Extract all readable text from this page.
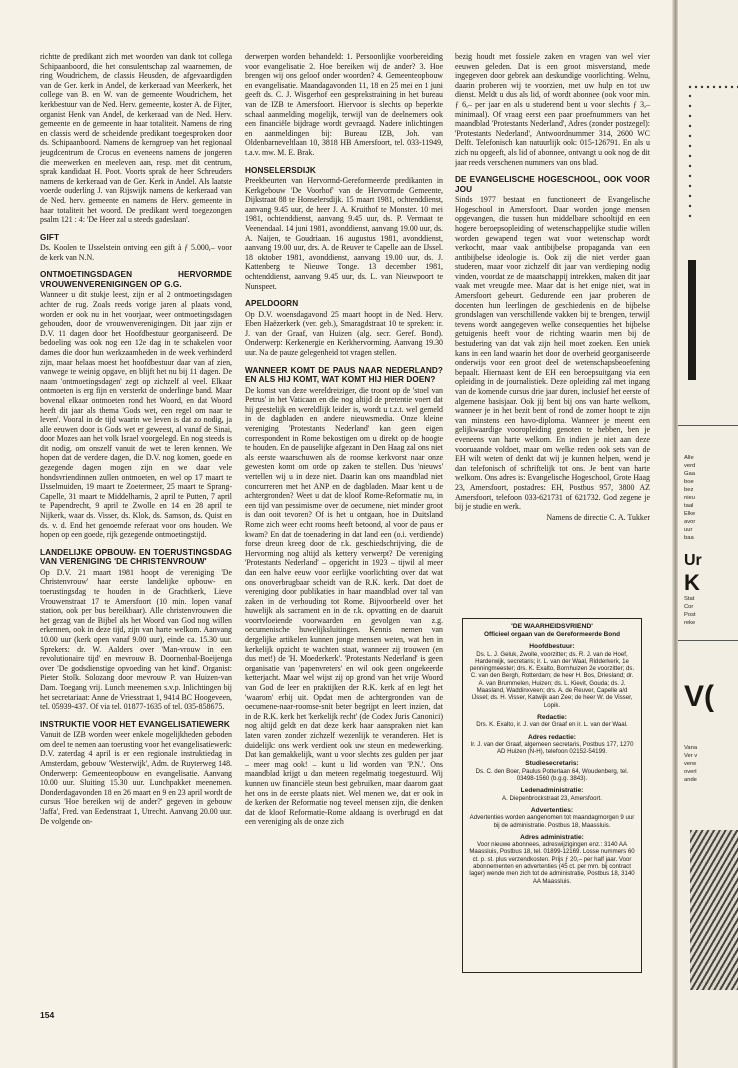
richtte de predikant zich met woorden van dank tot collega Schipaanboord, die het consulentschap zal waarnemen, de ring Woudrichem, de classis Heusden, de afgevaardigden van de Ger. kerk in Andel, de kerkeraad van Meerkerk, het college van B. en W. van de gemeente Woudrichem, het kerkbestuur van de Ned. Herv. gemeente, koster A. de Fijter, organist Henk van Andel, de kerkeraad van de Ned. Herv. gemeente en de gemeente in haar totaliteit. Namens de ring en classis werd de scheidende predikant toegesproken door ds. Schipaanboord. Namens de kerngroep van het regionaal jeugdcentrum de Crocus en eveneens namens de jongeren die meewerken en meeleven aan, resp. met dit centrum, sprak kandidaat H. Poot. Voorts sprak de heer Schreuders namens de kerkeraad van de Ger. Kerk in Andel. Als laatste voerde ouderling J. van Rijswijk namens de kerkeraad van de Ned. herv. gemeente en namens de Herv. gemeente in haar totaliteit het woord. De predikant werd toegezongen psalm 121 : 4: 'De Heer zal u steeds gadeslaan'.

GIFT

Ds. Koolen te IJsselstein ontving een gift à ƒ 5.000,– voor de kerk van N.N.

ONTMOETINGSDAGEN HERVORMDE VROUWENVERENIGINGEN OP G.G.

Wanneer u dit stukje leest, zijn er al 2 ontmoetingsdagen achter de rug. Zoals reeds vorige jaren al plaats vond, worden er ook nu in het voorjaar, weer ontmoetingsdagen gehouden, door de vrouwenverenigingen. Dit jaar zijn er D.V. 11 dagen door het Hoofdbestuur georganiseerd. De bedoeling was ook nog een 12e dag in te schakelen voor dames die door hun werkzaamheden in de week verhinderd zijn, maar helaas moest het hoofdbestuur daar van af zien, vanwege te weinig opgave, en blijft het nu bij 11 dagen. De naam 'ontmoetingsdagen' zegt op zichzelf al veel. Elkaar ontmoeten is erg fijn en versterkt de onderlinge band. Maar bovenal elkaar ontmoeten rond het Woord, en dat Woord heeft dit jaar als thema 'Gods wet, een regel om naar te leven'. Vooral in de tijd waarin we leven is dat zo nodig, ja alle eeuwen door is Gods wet er geweest, al vanaf de Sinai, door Mozes aan het volk Israel voorgelegd. En nog steeds is dit nodig, om onszelf vanuit de wet te leren kennen. We hopen dat de verdere dagen, die D.V. nog komen, goede en gezegende dagen mogen zijn en we daar vele hondsvriendinnen zullen ontmoeten, en wel op 17 maart te IJsselmuiden, 19 maart te Zoetermeer, 25 maart te Sprang-Capelle, 31 maart te Middelharnis, 2 april te Putten, 7 april te Papendrecht, 9 april te Zwolle en 14 en 28 april te Nijkerk, waar ds. Visser, ds. Klok, ds. Samson, ds. Quist en ds. v. d. End het genoemde referaat voor ons houden. We hopen op een goede, rijk gezegende ontmoetingstijd.

LANDELIJKE OPBOUW- EN TOERUSTINGSDAG VAN VERENIGING 'DE CHRISTENVROUW'

Op D.V. 21 maart 1981 hoopt de vereniging 'De Christenvrouw' haar eerste landelijke opbouw- en toerustingsdag te houden in de Grachtkerk, Lieve Vrouwenstraat 17 te Amersfoort (10 min. lopen vanaf station, ook per bus bereikbaar). Alle christenvrouwen die het gezag van de Bijbel als het Woord van God nog willen erkennen, ook in deze tijd, zijn van harte welkom. Aanvang 10.00 uur (kerk open vanaf 9.00 uur), einde ca. 15.30 uur. Sprekers: dr. W. Aalders over 'Man-vrouw in een revolutionaire tijd' en mevrouw B. Doornenbal-Boeijenga over 'De godsdienstige opvoeding van het kind'. Organist: Pieter Stolk. Solozang door mevrouw P. van Huizen-van Dam. Toegang vrij. Lunch meenemen s.v.p. Inlichtingen bij het secretariaat: Anne de Vriesstraat 1, 9414 BC Hoogeveen, tel. 05939-437. Of via tel. 01877-1635 of tel. 035-858675.

INSTRUKTIE VOOR HET EVANGELISATIEWERK

Vanuit de IZB worden weer enkele mogelijkheden geboden om deel te nemen aan toerusting voor het evangelisatiewerk: D.V. zaterdag 4 april is er een regionale instruktiedag in Amsterdam, gebouw 'Westerwijk', Adm. de Ruyterweg 148. Onderwerp: Gemeenteopbouw en evangelisatie. Aanvang 10.00 uur. Sluiting 15.30 uur. Lunchpakket meenemen. Donderdagavonden 18 en 26 maart en 9 en 23 april wordt de cursus 'Hoe bereiken wij de ander?' gegeven in gebouw 'Jaffa', Fred. van Eedenstraat 1, Utrecht. Aanvang 20.00 uur. De volgende on-

derwerpen worden behandeld: 1. Persoonlijke voorbereiding voor evangelisatie 2. Hoe bereiken wij de ander? 3. Hoe brengen wij ons geloof onder woorden? 4. Gemeenteopbouw en evangelisatie. Maandagavonden 11, 18 en 25 mei en 1 juni geeft ds. C. J. Wisgerhof een gesprekstraining in het bureau van de IZB te Amersfoort. Hiervoor is slechts op beperkte schaal aanmelding mogelijk, terwijl van de deelnemers ook een financiële bijdrage wordt gevraagd. Nadere inlichtingen en aanmeldingen bij: Bureau IZB, Joh. van Oldenbarneveltlaan 10, 3818 HB Amersfoort, tel. 033-11949, t.a.v. mw. M. E. Brak.

HONSELERSDIJK

Preekbeurten van Hervormd-Gereformeerde predikanten in Kerkgebouw 'De Voorhof' van de Hervormde Gemeente, Dijkstraat 88 te Honselersdijk. 15 maart 1981, ochtenddienst, aanvang 9.45 uur, de heer J. A. Kruithof te Monster. 10 mei 1981, ochtenddienst, aanvang 9.45 uur, ds. P. Vermaat te Veenendaal. 14 juni 1981, avonddienst, aanvang 19.00 uur, ds. A. Naijen, te Goudriaan. 16 augustus 1981, avonddienst, aanvang 19.00 uur, drs. A. de Reuver te Capelle aan de IJssel. 18 oktober 1981, avonddienst, aanvang 19.00 uur, ds. J. Kattenberg te Nieuwe Tonge. 13 december 1981, ochtenddienst, aanvang 9.45 uur, ds. L. van Nieuwpoort te Nunspeet.

APELDOORN

Op D.V. woensdagavond 25 maart hoopt in de Ned. Herv. Eben Haëzerkerk (ver. geb.), Smaragdstraat 10 te spreken: ir. J. van der Graaf, van Huizen (alg. secr. Geref. Bond). Onderwerp: Kerkenergie en Kerkhervorming. Aanvang 19.30 uur. Na de pauze gelegenheid tot vragen stellen.

WANNEER KOMT DE PAUS NAAR NEDERLAND? EN ALS HIJ KOMT, WAT KOMT HIJ HIER DOEN?

De komst van deze wereldreiziger, die troont op de 'stoel van Petrus' in het Vaticaan en die nog altijd de pretentie voert dat hij geestelijk en wereldlijk leider is, wordt u t.z.t. wel gemeld in de dagbladen en andere nieuwsmedia. Onze kleine vereniging 'Protestants Nederland' kan geen eigen correspondent in Rome bekostigen om u direkt op de hoogte te houden. En de pauselijke afgezant in Den Haag zal ons niet als eerste waarschuwen als de roomse kerkvorst naar onze gewesten komt om orde op zaken te stellen. Dus 'nieuws' vertellen wij u in deze niet. Daarin kan ons maandblad niet concurreren met het ANP en de dagbladen. Maar kent u de achtergronden? Weet u dat de kloof Rome-Reformatie nu, in een tijd van pessimisme over de oecumene, niet minder groot is dan ooit tevoren? Of is het u ontgaan, hoe in Duitsland Rome zich weer echt rooms heeft betoond, al voor de paus er kwam? En dat de toenadering in dat land een (o.i. verdiende) forse dreun kreeg door de r.k. geschiedschrijving, die de Hervorming nog altijd als kettery verwerpt? De vereniging 'Protestants Nederland' – opgericht in 1923 – tijwil al meer dan een halve eeuw voor eerlijke voorlichting over dat wat ons onoverbrugbaar scheidt van de R.K. kerk. Dat doet de vereniging door publikaties in haar maandblad over tal van zaken in de verhouding tot Rome. Bijvoorbeeld over het huwelijk als sacrament en in de r.k. opvatting en de daaruit voortvloeiende voorwaarden en gevolgen van z.g. oecumenische huwelijksluitingen. Kennis nemen van dergelijke artikelen kunnen jonge mensen weten, wat hen in kerkelijk opzicht te wachten staat, wanneer zij trouwen (en dus met!) de 'H. Moederkerk'. 'Protestants Nederland' is geen organisatie van 'papenvreters' en wil ook geen ongekeerde ketterjacht. Maar wel wijst zij op grond van het vrije Woord van God de leer en praktijken der R.K. kerk af en legt het 'waarom' erbij uit. Opdat men de achtergronden van de oecumene-naar-roomse-snit beter begrijpt en leert inzien, dat in de R.K. kerk het 'kerkelijk recht' (de Codex Juris Canonici) nog altijd geldt en dat deze kerk haar aanspraken niet kan laten varen zonder zichzelf wezenlijk te veranderen. Het is duidelijk: ons werk verdient ook uw steun en medewerking. Dat kan gemakkelijk, want u voor slechts zes gulden per jaar – meer mag ook! – kunt u lid worden van 'P.N.'. Ons maandblad krijgt u dan meteen regelmatig toegestuurd. Wij kunnen uw financiële steun best gebruiken, maar daarom gaat het ons in de eerste plaats niet. Wel menen we, dat er ook in de kerken der Reformatie nog teveel mensen zijn, die denken dat de kloof Reformatie-Rome aldaang is overbrugd en dat een vereniging als de onze zich

bezig houdt met fossiele zaken en vragen van wel vier eeuwen geleden. Dat is een groot misverstand, mede ingegeven door gebrek aan deskundige voorlichting. Welnu, daarin proberen wij te voorzien, met uw hulp en tot uw dienst. Meldt u dus als lid, of wordt abonnee (ook voor min. ƒ 6,– per jaar en als u studerend bent u voor slechts ƒ 3,– minimaal). Of vraag eerst een paar proefnummers van het maandblad 'Protestants Nederland', Adres (zonder postzegel): 'Protestants Nederland', Antwoordnummer 314, 2600 WC Delft. Telefonisch kan natuurlijk ook: 015-126791. En als u zich nu opgeeft, als lid of abonnee, ontvangt u ook nog de dit jaar reeds verschenen nummers van ons blad.

DE EVANGELISCHE HOGESCHOOL, OOK VOOR JOU

Sinds 1977 bestaat en functioneert de Evangelische Hogeschool in Amersfoort. Daar worden jonge mensen opgevangen, die tussen hun middelbare schooltijd en een hogere beroepsopleiding of wetenschappelijke studie willen worden gewapend tegen wat voor wetenschap wordt verkocht, maar vaak antibijbelse propaganda van een antibijbelse ideologie is. Ook zij die niet verder gaan studeren, maar voor zichzelf dit jaar van verdieping nodig vinden, voordat ze de maatschappij intrekken, maken dit jaar vaak met vreugde mee. Maar dat is het enige niet, wat in Amersfoort gebeurt. Gedurende een jaar proberen de docenten hun leerlingen de geschiedenis en de bijbelse grondslagen van verschillende vakken bij te brengen, terwijl tevens wordt aangegeven welke consequenties het bijbelse getuigenis heeft voor de richting waarin men bij de bestudering van dat vak zijn heil moet zoeken. Een uniek kans in een land waarin het door de overheid georganiseerde onderwijs voor een groot deel de wetenschapsbeoefening bepaalt. Hiernaast kent de EH een beroepsuitgang via een opleiding in de journalistiek. Deze opleiding zal met ingang van de komende cursus drie jaar duren, inclusief het eerste of algemene basisjaar. Ook jij bent bij ons van harte welkom, wanneer je in het bezit bent of rond de zomer hoopt te zijn van minstens een havo-diploma. Wanneer je meent een gelijkwaardige vooropleiding genoten te hebben, ben je eveneens van harte welkom. En indien je niet aan deze vooruaande voldoet, maar om welke reden ook sets van de EH wilt weten of denkt dat wij je kunnen helpen, wend je dan telefonisch of schriftelijk tot ons. Je bent van harte welkom. Ons adres is: Evangelische Hogeschool, Grote Haag 23, Amersfoort, postadres: EH, Postbus 957, 3800 AZ Amersfoort, telefoon 033-621731 of 621732. God zegene je bij je studie en werk.

Namens de directie C. A. Tukker

'DE WAARHEIDSVRIEND'
Officieel orgaan van de Gereformeerde Bond
Hoofdbestuur:
Ds. L. J. Geluk, Zwolle, voorzitter; ds. R. J. van de Hoef, Harderwijk, secretaris; ir. L. van der Waal, Ridderkerk, 1e penningmeester; drs. K. Exalto, Bornhuizen 2e voorzitter; ds. C. van den Bergh, Rotterdam; de heer H. Bos, Driesland; dr. A. van Brummelen, Huizen; ds. L. Kievit, Gouda; ds. J. Maasland, Waddinxveen; drs. A. de Reuver, Capelle a/d IJssel; ds. H. Visser, Katwijk aan Zee; de heer W. de Visser, Lopik.
Redactie:
Drs. K. Exalto, ir. J. van der Graaf en ir. L. van der Waal.
Adres redactie:
Ir. J. van der Graaf, algemeen secretaris, Postbus 177, 1270 AD Huizen (N-H), telefoon 02152-54199.
Studiesecretaris:
Ds. C. den Boer, Paulus Potterlaan 64, Woudenberg, tel. 03498-1560 (b.g.g. 3843).
Ledenadministratie:
A. Diepenbrockstraat 23, Amersfoort.
Advertenties:
Advertenties worden aangenomen tot maandagmorgen 9 uur bij de administratie. Postbus 18, Maassluis.
Adres administratie:
Voor nieuwe abonnees, adreswijzigingen enz.: 3140 AA Maassluis, Postbus 18, tel. 01899-12169. Losse nummers 60 ct. p. st. plus verzendkosten. Prijs ƒ 20,– per half jaar. Voor abonnementen en advertenties (45 ct. per mm. bij contract lager) wende men zich tot de administratie, Postbus 18, 3140 AA Maassluis.
154
Alle
verd
Gaa
boe
bez
nieu
taal
Elke
avor
uur
baa
Ur
K
Stat
Cor
Post
reke
V(
Vana
Ver v
verw
overl
ande
